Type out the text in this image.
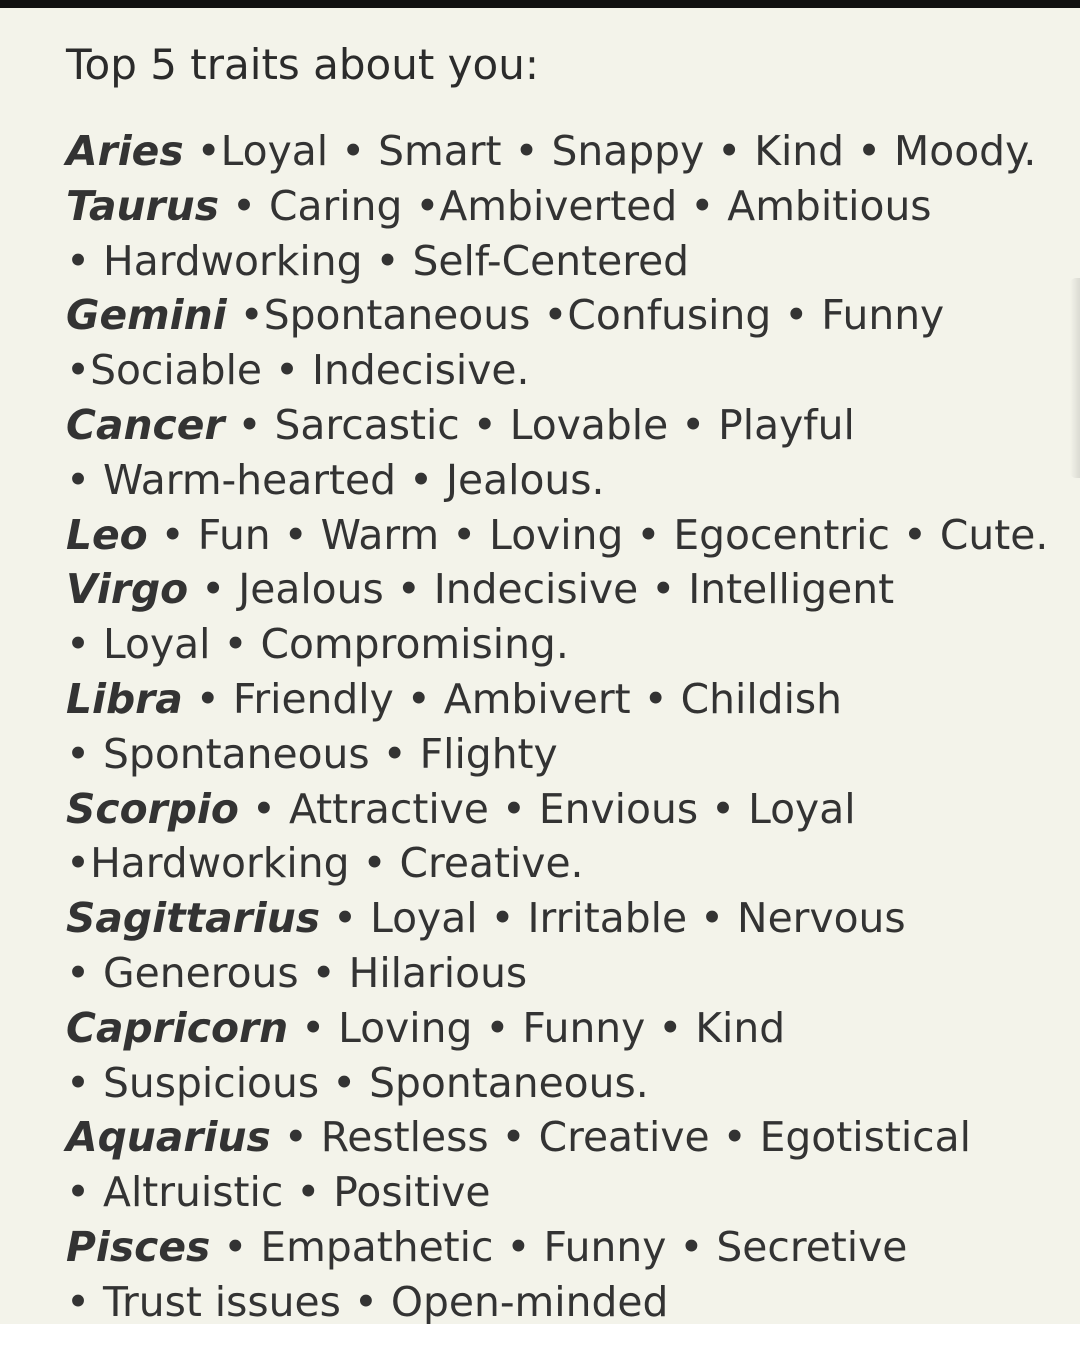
Top 5 traits about you:
Aries •Loyal • Smart • Snappy • Kind • Moody.
Taurus • Caring •Ambiverted • Ambitious
• Hardworking • Self-Centered
Gemini •Spontaneous •Confusing • Funny
•Sociable • Indecisive.
Cancer • Sarcastic • Lovable • Playful
• Warm-hearted • Jealous.
Leo • Fun • Warm • Loving • Egocentric • Cute.
Virgo • Jealous • Indecisive • Intelligent
• Loyal • Compromising.
Libra • Friendly • Ambivert • Childish
• Spontaneous • Flighty
Scorpio • Attractive • Envious • Loyal
•Hardworking • Creative.
Sagittarius • Loyal • Irritable • Nervous
• Generous • Hilarious
Capricorn • Loving • Funny • Kind
• Suspicious • Spontaneous.
Aquarius • Restless • Creative • Egotistical
• Altruistic • Positive
Pisces • Empathetic • Funny • Secretive
• Trust issues • Open-minded
